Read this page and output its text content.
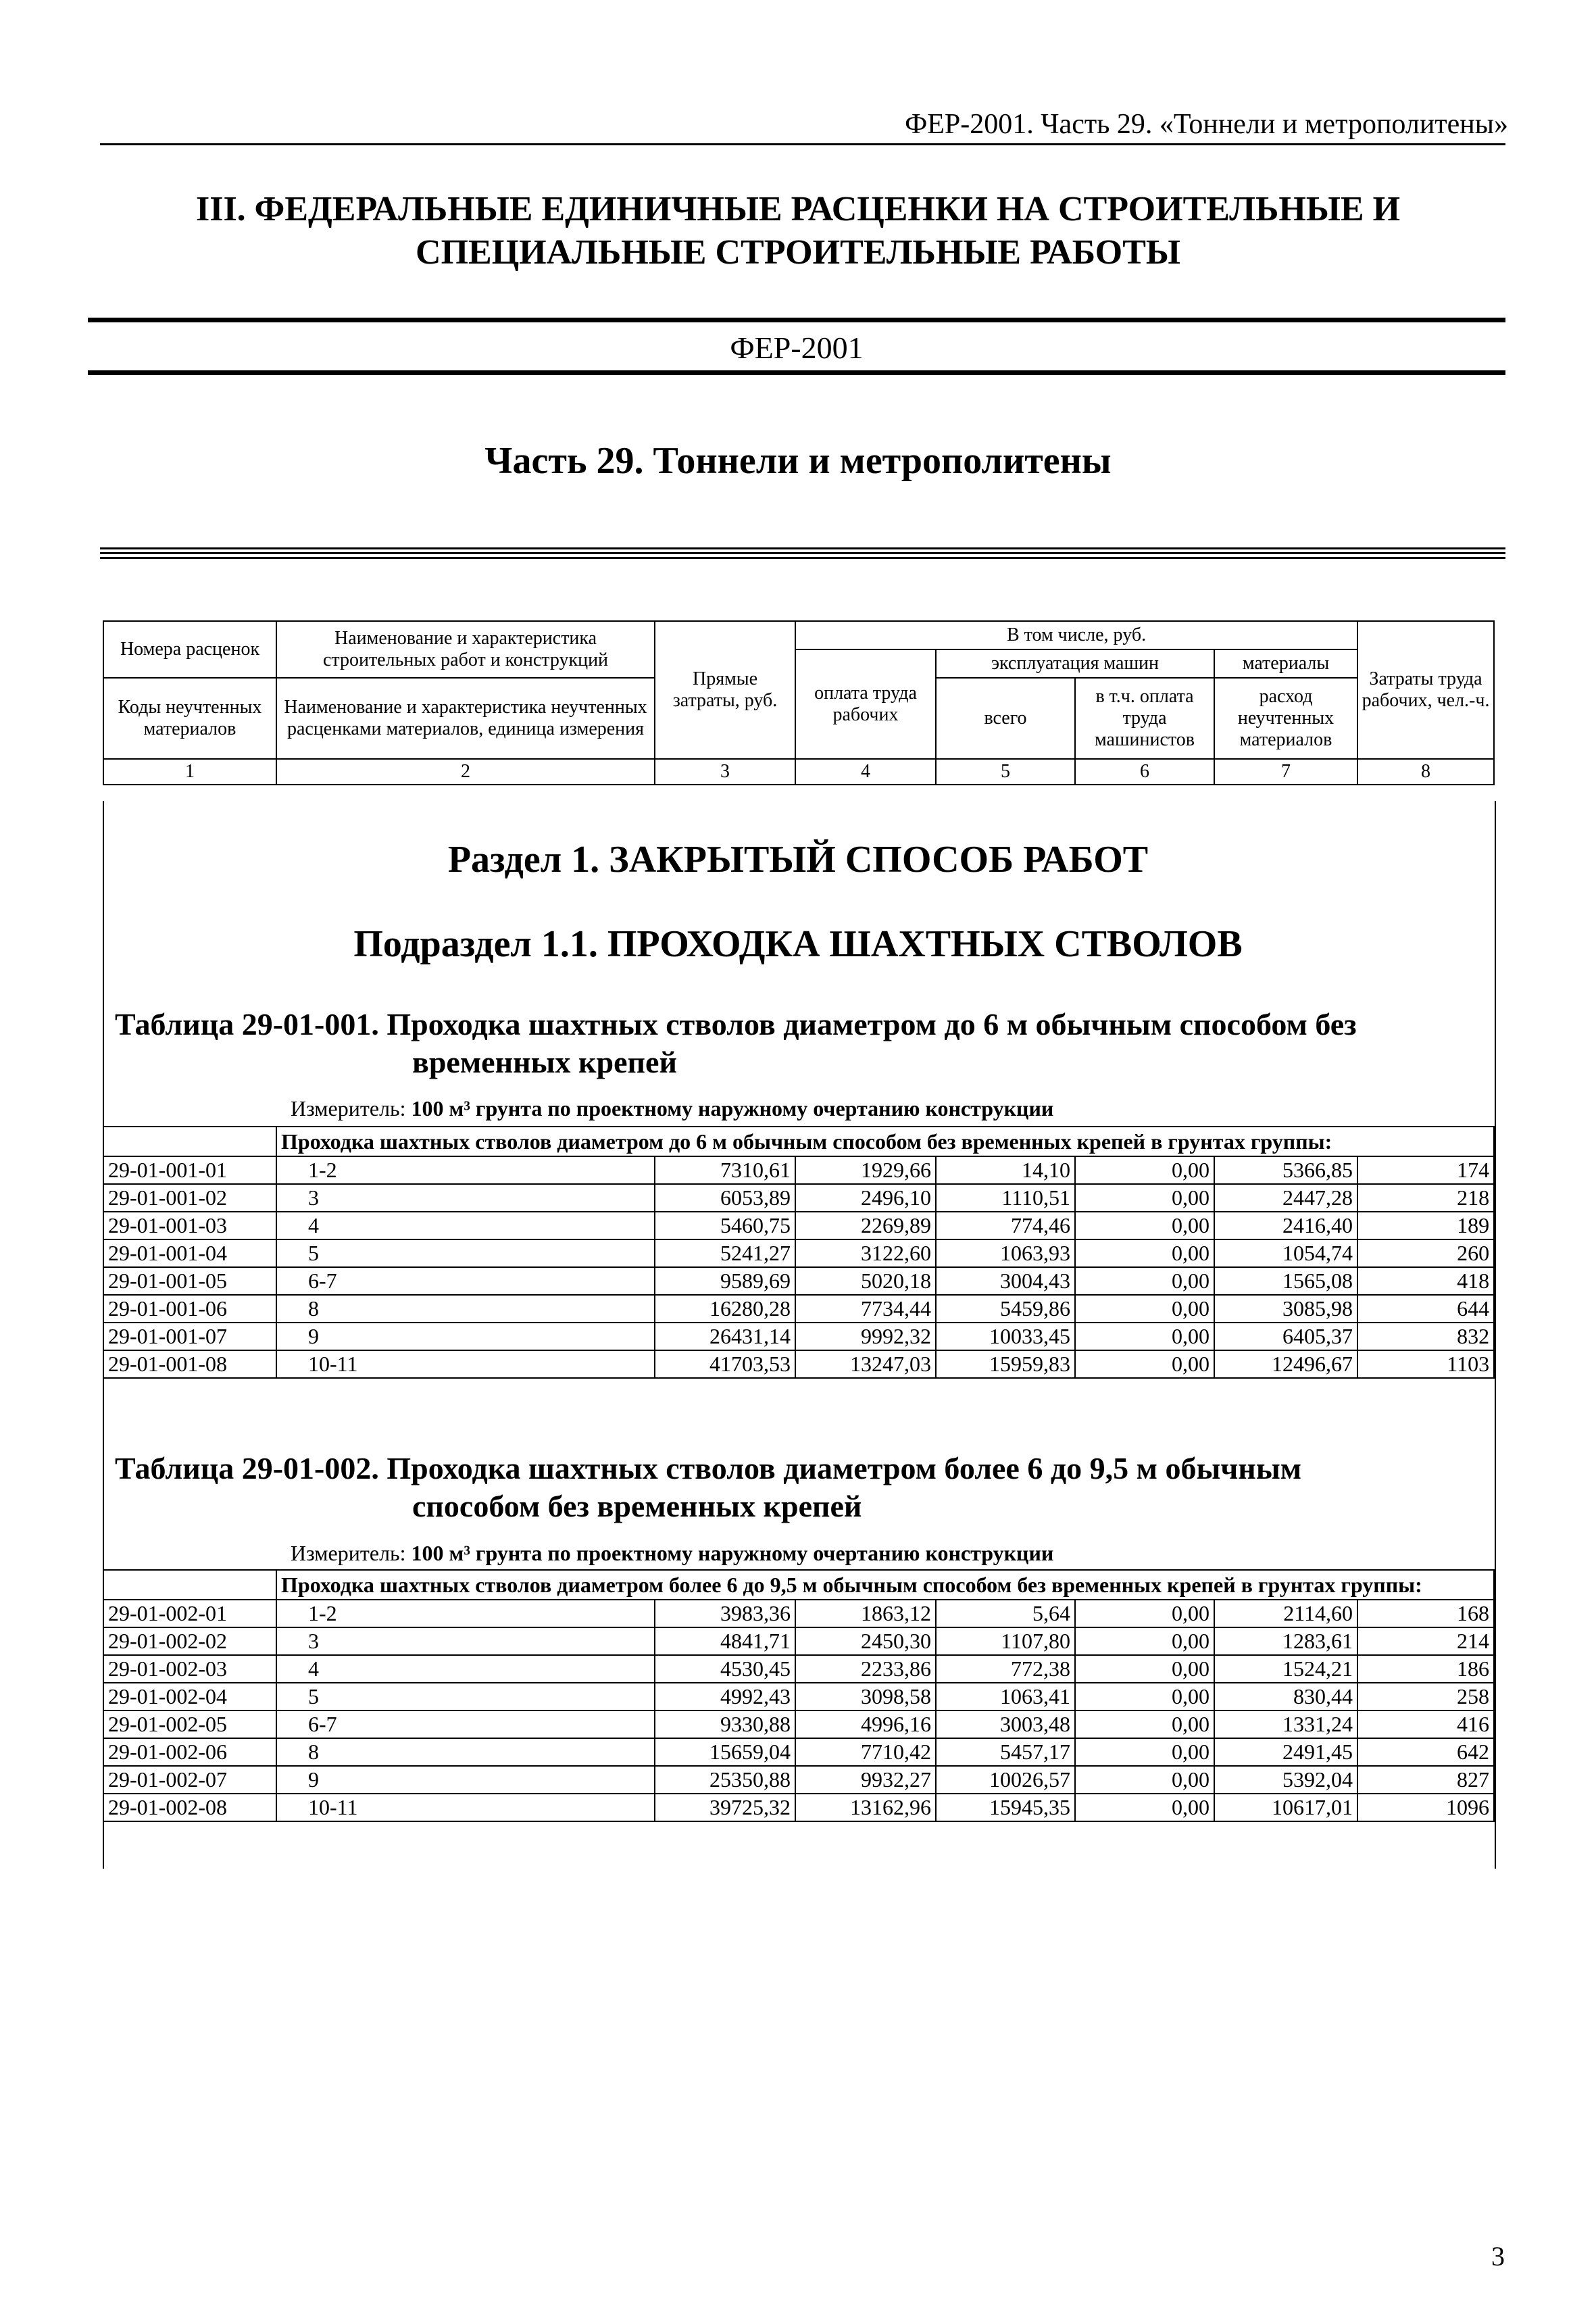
ФЕР-2001. Часть 29. «Тоннели и метрополитены»
III. ФЕДЕРАЛЬНЫЕ ЕДИНИЧНЫЕ РАСЦЕНКИ НА СТРОИТЕЛЬНЫЕ И
СПЕЦИАЛЬНЫЕ СТРОИТЕЛЬНЫЕ РАБОТЫ
ФЕР-2001
Часть 29. Тоннели и метрополитены
Номера расценок	Наименование и характеристика строительных работ и конструкций	Прямые затраты, руб.	В том числе, руб.				Затраты труда рабочих, чел.-ч.
			оплата труда рабочих	эксплуатация машин		материалы	
Коды неучтенных материалов	Наименование и характеристика неучтенных расценками материалов, единица измерения			всего	в т.ч. оплата труда машинистов	расход неучтенных материалов	

1	2	3	4	5	6	7	8
Раздел 1. ЗАКРЫТЫЙ СПОСОБ РАБОТ
Подраздел 1.1. ПРОХОДКА ШАХТНЫХ СТВОЛОВ
Таблица 29-01-001. Проходка шахтных стволов диаметром до 6 м обычным способом без
временных крепей
Измеритель: 100 м³ грунта по проектному наружному очертанию конструкции
	Проходка шахтных стволов диаметром до 6 м обычным способом без временных крепей в грунтах группы:						
29-01-001-01	1-2	7310,61	1929,66	14,10	0,00	5366,85	174
29-01-001-02	3	6053,89	2496,10	1110,51	0,00	2447,28	218
29-01-001-03	4	5460,75	2269,89	774,46	0,00	2416,40	189
29-01-001-04	5	5241,27	3122,60	1063,93	0,00	1054,74	260
29-01-001-05	6-7	9589,69	5020,18	3004,43	0,00	1565,08	418
29-01-001-06	8	16280,28	7734,44	5459,86	0,00	3085,98	644
29-01-001-07	9	26431,14	9992,32	10033,45	0,00	6405,37	832
29-01-001-08	10-11	41703,53	13247,03	15959,83	0,00	12496,67	1103
Таблица 29-01-002. Проходка шахтных стволов диаметром более 6 до 9,5 м обычным
способом без временных крепей
Измеритель: 100 м³ грунта по проектному наружному очертанию конструкции
	Проходка шахтных стволов диаметром более 6 до 9,5 м обычным способом без временных крепей в грунтах группы:						
29-01-002-01	1-2	3983,36	1863,12	5,64	0,00	2114,60	168
29-01-002-02	3	4841,71	2450,30	1107,80	0,00	1283,61	214
29-01-002-03	4	4530,45	2233,86	772,38	0,00	1524,21	186
29-01-002-04	5	4992,43	3098,58	1063,41	0,00	830,44	258
29-01-002-05	6-7	9330,88	4996,16	3003,48	0,00	1331,24	416
29-01-002-06	8	15659,04	7710,42	5457,17	0,00	2491,45	642
29-01-002-07	9	25350,88	9932,27	10026,57	0,00	5392,04	827
29-01-002-08	10-11	39725,32	13162,96	15945,35	0,00	10617,01	1096
3
